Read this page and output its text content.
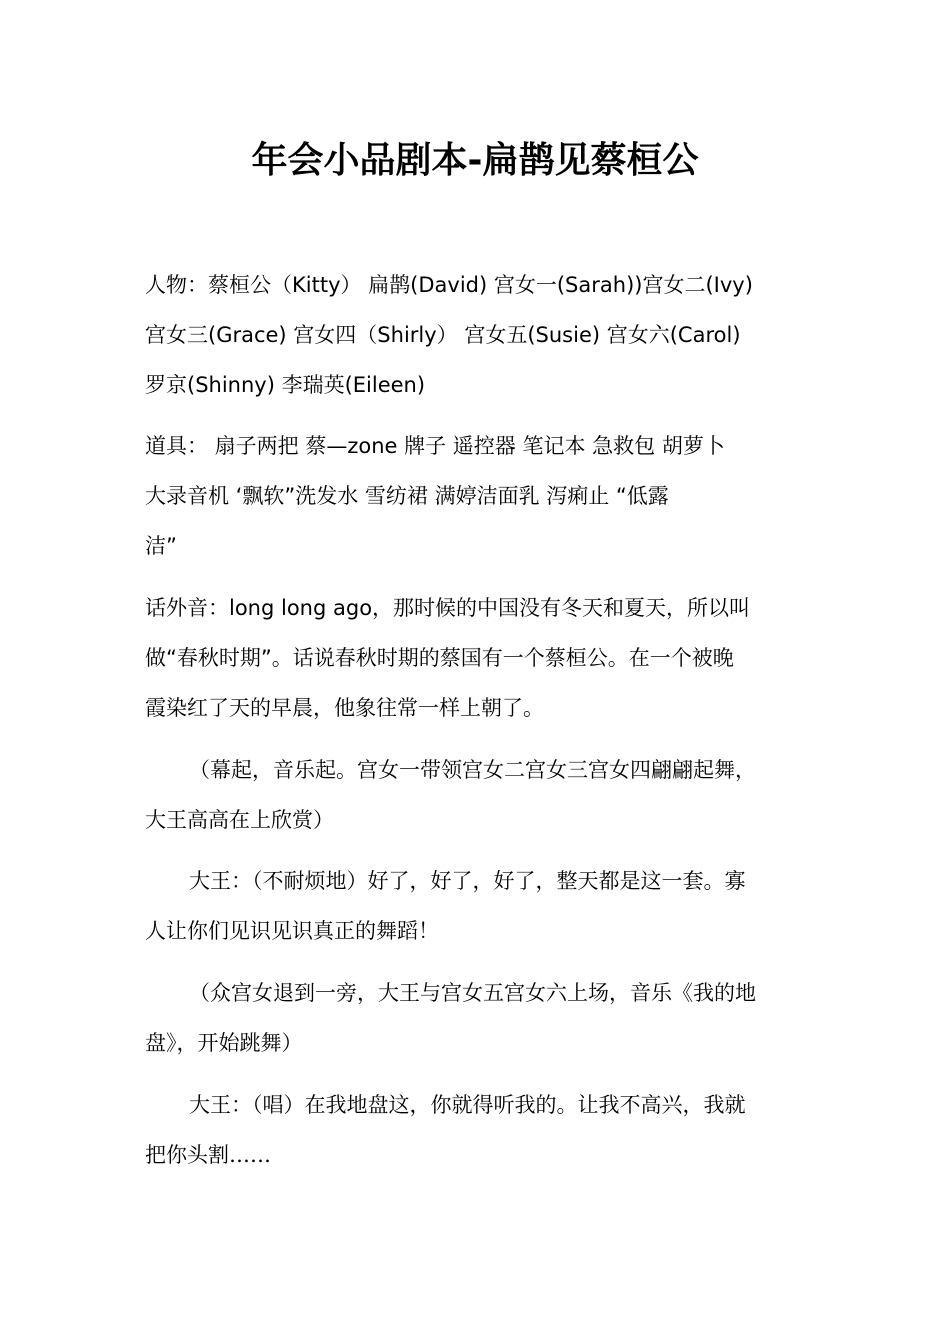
年会小品剧本-扁鹊见蔡桓公
人物：蔡桓公（Kitty） 扁鹊(David) 宫女一(Sarah))宫女二(Ivy)
宫女三(Grace) 宫女四（Shirly） 宫女五(Susie) 宫女六(Carol)
罗京(Shinny) 李瑞英(Eileen)
道具： 扇子两把 蔡—zone 牌子 遥控器 笔记本 急救包 胡萝卜
大录音机 ‘飘软”洗发水 雪纺裙 满婷洁面乳 泻痢止 “低露
洁”
话外音：long long ago，那时候的中国没有冬天和夏天，所以叫
做“春秋时期”。话说春秋时期的蔡国有一个蔡桓公。在一个被晚
霞染红了天的早晨，他象往常一样上朝了。
（幕起，音乐起。宫女一带领宫女二宫女三宫女四翩翩起舞，
大王高高在上欣赏）
大王：（不耐烦地）好了，好了，好了，整天都是这一套。寡
人让你们见识见识真正的舞蹈！
（众宫女退到一旁，大王与宫女五宫女六上场，音乐《我的地
盘》，开始跳舞）
大王：（唱）在我地盘这，你就得听我的。让我不高兴，我就
把你头割……
